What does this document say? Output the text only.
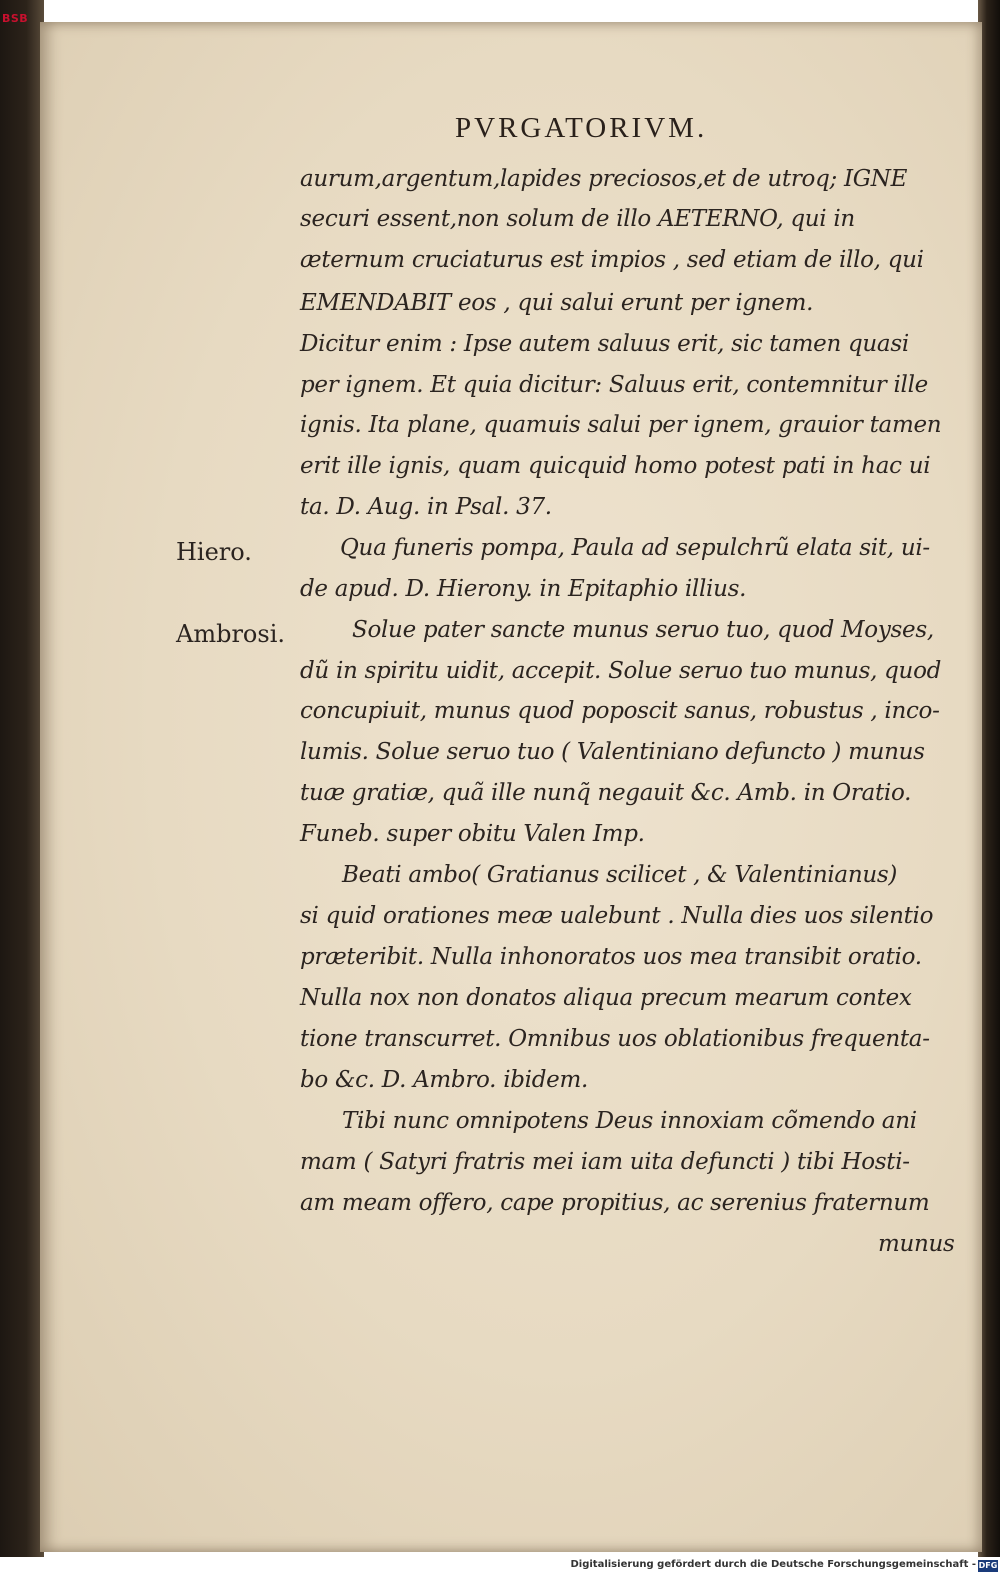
BSB
PVRGATORIVM.
Hiero.
Ambrosi.
aurum,argentum,lapides preciosos,et de utroq; IGNE
securi essent,non solum de illo AETERNO, qui in
æternum cruciaturus est impios , sed etiam de illo, qui
EMENDABIT eos , qui salui erunt per ignem.
Dicitur enim : Ipse autem saluus erit, sic tamen quasi
per ignem. Et quia dicitur: Saluus erit, contemnitur ille
ignis. Ita plane, quamuis salui per ignem, grauior tamen
erit ille ignis, quam quicquid homo potest pati in hac ui
ta. D. Aug. in Psal. 37.
Qua funeris pompa, Paula ad sepulchrũ elata sit, ui-
de apud. D. Hierony. in Epitaphio illius.
Solue pater sancte munus seruo tuo, quod Moyses,
dũ in spiritu uidit, accepit. Solue seruo tuo munus, quod
concupiuit, munus quod poposcit sanus, robustus , inco-
lumis. Solue seruo tuo ( Valentiniano defuncto ) munus
tuæ gratiæ, quã ille nunq̃ negauit &c. Amb. in Oratio.
Funeb. super obitu Valen Imp.
Beati ambo( Gratianus scilicet , & Valentinianus)
si quid orationes meæ ualebunt . Nulla dies uos silentio
præteribit. Nulla inhonoratos uos mea transibit oratio.
Nulla nox non donatos aliqua precum mearum contex
tione transcurret. Omnibus uos oblationibus frequenta-
bo &c. D. Ambro. ibidem.
Tibi nunc omnipotens Deus innoxiam cõmendo ani
mam ( Satyri fratris mei iam uita defuncti ) tibi Hosti-
am meam offero, cape propitius, ac serenius fraternum
munus
Digitalisierung gefördert durch die Deutsche Forschungsgemeinschaft - DFG
